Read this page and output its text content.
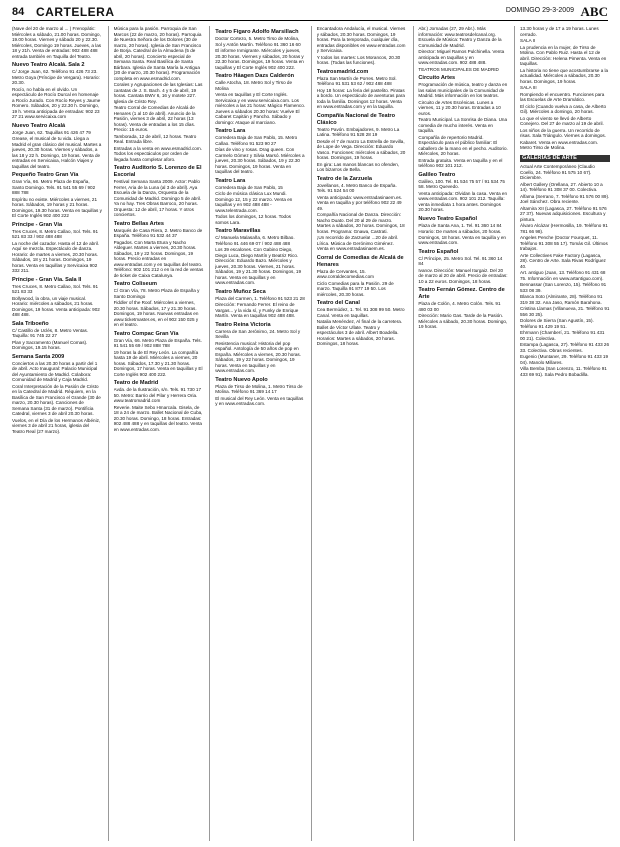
84 CARTELERA	DOMINGO 29-3-2009 ABC

(Nave del 20 de marzo al ... ) Frenopàtic: Miércoles a sábado, 21.00 horas. Domingo, 19.00 horas. Viernes y sábado 20 y 22.30. Miércoles, Domingo 19 horas. Jueves, a las 18 y 21h. Venta de entradas: 902 488 488 entrada también en Taquilla del Teatro.

Nuevo Teatro Alcalá. Sala 2

C/ Jorge Juan, 62. Teléfono 91 426 73 23. Metro Goya (Príncipe de Vergara). Horario: 20.30.

Rocío, no habla en el olvido. Un espectáculo de Rocío Durcal en homenaje a Rocío Jurado. Con Rocío Reyes y Jaume Romero. Sábados, 20 y 22.30 h. Domingo, 19 h. Venta anticipada de entradas: 902 23 27 21 www.servicaixa.com

Nuevo Teatro Alcalá

Jorge Juan, 62. Taquillas 91 426 47 79

Grease, el musical de tu vida. Llega a Madrid el gran clásico del musical. Martes a jueves, 20.30 horas. Viernes y sábados, a las 18 y 22 h. Domingo, 19 horas. Venta de entradas en Servicaixa, Halcón Viajes y taquillas del teatro.

Pequeño Teatro Gran Vía

Gran Vía, 66. Metro Plaza de España, Santo Domingo. Tels. 91 541 55 69 / 902 888 788

Espíritu no existe. Miércoles a viernes, 21 horas. Sábados, 19 horas y 21 horas. Domingos, 19.30 horas. Venta en taquillas y El Corte Inglés 902 400 222

Príncipe - Gran Vía

Tres Cruces, 8. Metro Callao, Sol. Tels. 91 521 83 33 / 902 488 488

La noche del cazador. Hasta el 12 de abril. Aquí se mezcla. Espectáculo de danza. Horario: de martes a viernes, 20.30 horas. Sábados, 18 y 21 horas. Domingos, 19 horas. Venta en taquillas y Servicaixa 902 332 211.

Príncipe - Gran Vía. Sala II

Tres Cruces, 8. Metro Callao, Sol. Tels. 91 521 83 33

Bollywood, la obra, un viaje musical. Horario: miércoles a sábados, 21 horas. Domingos, 19 horas. Venta anticipada: 902 488 488.

Sala Triboeño

C/ Castillo de Uclés, 8. Metro Ventas. Taquilla: 91 745 22 27

Plan y Sacramento (Manuel Comas). Domingos, 19.15 horas.

Semana Santa 2009

Conciertos a las 20.30 horas a partir del 1 de abril. Acto Inaugural: Palacio Municipal del Ayuntamiento de Madrid. Colabora: Comunidad de Madrid y Caja Madrid.

Coral Interpretación de la Pasión de Cristo en la Catedral de Madrid. Réquiem, en la Basílica de San Francisco el Grande (30 de marzo, 20.30 horas). Canciones de Semana Santa (31 de marzo). Pontificia Catedral, viernes 3 de abril 20.30 horas.

Vuelos, en el Día de los Hermanos Albéniz, viernes 3 de abril 21 horas, iglesia del Teatro Real (27 marzo).

Música para la pasión. Parroquia de San Marcos (22 de marzo, 20 horas). Parroquia de Nuestra Señora de los Dolores (30 de marzo, 20 horas). Iglesia de San Francisco de Borja. Catedral de la Almudena (5 de abril, 20 horas). Concierto especial de Semana Santa. Real Basílica de Santa Bárbara. Iglesia de Santa María la Antigua (20 de marzo, 20.30 horas). Programación completa en www.esmadrid.com.

Corales y Agrupaciones de las Iglesias: Las cantatas de J. S. Bach. 4 y 5 de abril, 19 horas. Cantata BWV 6, 16 y motete 227. Iglesia de Cristo Rey.

Teatro Corral de Comedias de Alcalá de Henares (1 al 10 de abril). Anuncio de la Pasión, viernes 3 de abril, 22 horas (13 horas). Venta de entradas a los 15 días. Precio: 15 euros.

Tamborada, 12 de abril, 12 horas. Teatro Real. Entrada libre.

Entradas a la venta en www.esmadrid.com. Todos los espectáculos por orden de llegada hasta completar aforo.

Teatro Auditorio S. Lorenzo de El Escorial

Festival Semana Santa 2009. Actor: Pablo Ferrer, Aria de la Luna (al 3 de abril). Aya Escuela de la Danza, Orquesta de la Comunidad de Madrid. Domingo 5 de abril. Ya no hay. Tres Obras Barroco, 20 horas. Orquesta: 12 de abril, 17 horas. Y otros conciertos.

Teatro Bellas Artes

Marqués de Casa Riera, 2. Metro Banco de España. Teléfono 91 532 44 37

Pagados. Con Marta Etura y Nacho Aldeguer. Martes a viernes, 20.30 horas. Sábados, 19 y 22 horas. Domingos, 19 horas. Precio entradas en www.entradas.com y en taquillas del teatro. Teléfono: 902 101 212 o en la red de ventas de ticket de Caixa Catalunya.

Teatro Coliseum

C/ Gran Vía, 78. Metro Plaza de España y Santo Domingo

Fiddler of the Roof. Miércoles a viernes, 20.30 horas. Sábados, 17 y 21.30 horas. Domingos, 19 horas. Nuevas entradas en www.ticketmaster.es, en el 902 150 025 y en el teatro.

Teatro Compac Gran Vía

Gran Vía, 66. Metro Plaza de España. Tels. 91 541 55 69 / 902 888 788

19 horas la de El Rey León. La compañía hasta 19 de abril. Miércoles a viernes, 20 horas. Sábados, 17.30 y 21.30 horas. Domingos, 17 horas. Venta en taquillas y El Corte Inglés 902 400 222.

Teatro de Madrid

Avda. de la Ilustración, s/n. Tels. 91 730 17 50. Metro: Barrio del Pilar y Herrera Oria. www.teatromadrid.com

Reverie. Maite Sebo Hmarcala. Gisela, de 18 a 24 de marzo. Ballet Nacional de Cuba, 20.30 horas. Domingo, 18 horas. Entradas: 902 488 488 y en taquillas del teatro. Venta en www.entradas.com.

Teatro Figaro Adolfo Marsillach

Doctor Cortezo, 5. Metro Tirso de Molina, Sol y Antón Martín. Teléfono 91 360 16 60

El informe Inmigrante. Miércoles y jueves, 20.30 horas. Viernes y sábados, 20 horas y 22.30 horas. Domingos, 19 horas. Venta en taquillas y El Corte Inglés 902 400 222.

Teatro Häagen Dazs Calderón

Calle Atocha, 18. Metro Sol y Tirso de Molina

Venta en taquillas y El Corte Inglés. Servicaixa y en www.servicaixa.com. Los miércoles a las 21 horas: Mágico Flamenco. Jueves a sábados 20.30 horas: Vuelve El Cabaret Capitán y Pancho. Sábado y domingo: Ataque al marciano.

Teatro Lara

Corredera Baja de San Pablo, 15. Metro Callao. Teléfono 91 523 90 27

Días de vino y rosas. Drag queen. Con Carmelo Gómez y Silvia Marsó. Miércoles a jueves, 20.30 horas. Sábados, 19 y 22.30 horas. Domingos, 19 horas. Venta en taquillas del teatro.

Teatro Lara

Corredera Baja de San Pablo, 15

Ciclo de música clásica Lux Mundi. Domingo 12, 15 y 22 marzo. Venta en taquillas y en 902 488 488 - www.telentrada.com.

Todos los domingos, 12 horas. Todos somos Lara.

Teatro Maravillas

C/ Manuela Malasaña, 6. Metro Bilbao. Teléfono 91 446 69 07 / 902 488 488

Los 39 escalones. Con Gabino Diego, Diego Luca, Diego Martín y Beatriz Rico. Dirección: Eduardo Bazo. Miércoles y jueves, 20.30 horas. Viernes, 21 horas. Sábados, 19 y 21.30 horas. Domingos, 19 horas. Venta en taquillas y en www.entradas.com.

Teatro Muñoz Seca

Plaza del Carmen, 1. Teléfono 91 523 21 28

Dirección: Fernando Ferrer. El reino de Vargas... y la vida sí, y Funky de Enrique Martín. Venta en taquillas 902 488 488.

Teatro Reina Victoria

Carrera de San Jerónimo, 24. Metro Sol y Sevilla

Resistencia musical: Historia del pop español. Antología de 50 años de pop en España. Miércoles a viernes, 20.30 horas. Sábados, 19 y 22 horas. Domingos, 19 horas. Venta en taquillas y en www.entradas.com.

Teatro Nuevo Apolo

Plaza de Tirso de Molina, 1. Metro Tirso de Molina. Teléfono 91 369 14 17

El musical del Rey León. Venta en taquillas y en www.entradas.com.

Encantadora Andalucía, el musical. Viernes y sábados, 20.30 horas. Domingos, 19 horas. Para la temporada, cualquier día, entradas disponibles en www.entradas.com y Servicaixa.

Y todos los martes: Los Morancos, 20.30 horas. (Todas las funciones).

Teatrosmadrid.com

Plaza San Martín de Porres. Metro Sol. Teléfono 91 531 53 62 / 902 488 488

Hoy 18 horas: La feria del pastelito. Piratas a bordo. Un espectáculo de aventuras para toda la familia. Domingos 12 horas. Venta en www.entradas.com y en la taquilla.

Compañía Nacional de Teatro Clásico

Teatro Pavón. Embajadores, 9. Metro La Latina. Teléfono 91 528 28 19

Desde el 7 de marzo La Estrella de Sevilla, de Lope de Vega. Dirección: Eduardo Vasco. Funciones: miércoles a sábados, 20 horas. Domingos, 19 horas.

En gira: Las manos blancas no ofenden, Los bizarros de Bella.

Teatro de la Zarzuela

Jovellanos, 4. Metro Banco de España. Tels. 91 524 54 00

Venta anticipada: www.entradasinaem.es. Venta en taquilla y por teléfono 902 22 49 49.

Compañía Nacional de Danza. Dirección: Nacho Duato. Del 20 al 29 de marzo. Martes a sábados, 20 horas. Domingos, 18 horas. Programa: Gnawa, Castrati.

¡Un recorrido de Zarzuela! ...20 de abril. Lírica. Música de Gerónimo Giménez. Venta en www.entradasinaem.es.

Corral de Comedias de Alcalá de Henares

Plaza de Cervantes, 15. www.corraldecomedias.com

Ciclo Comedias para la Pasión. 29 de marzo. Taquilla 91 877 19 50. Los miércoles, 20.30 horas.

Teatro del Canal

Cea Bermúdez, 1. Tel. 91 308 99 50. Metro Canal. Venta en taquillas.

Natalia Menéndez, Al final de la carretera. Ballet de Víctor Ullate. Teatro y espectáculos 3 de abril. Albert Boadella. Horarios: Martes a sábados, 20 horas. Domingos, 18 horas.

Abr.) Jornadas (27, 29 Abr.). Más información: www.teatrosdelcanal.org. Escuela de Música: Teatro y Danza de la Comunidad de Madrid.

Director: Miguel Ramos Pulchinella. Venta anticipada en taquillas y en www.entradas.com. 902 488 488.

TEATROS MUNICIPALES DE MADRID

Circuito Artes

Programación de música, teatro y danza en las salas municipales de la Comunidad de Madrid. Más información en los teatros.

Circuito de Artes Escénicas. Lunes a viernes, 11 y 20.30 horas. Entradas a 10 euros.

Teatro Municipal. La Sonrisa de Diana. Una comedia de mucho interés. Venta en taquilla.

Compañía de repertorio Madrid. Espectáculo para el público familiar: El caballero de la mano en el pecho. Auditorio. Miércoles, 20 horas.

Entrada gratuita. Venta en taquilla y en el teléfono 902 101 212.

Galileo Teatro

Galileo, 100. Tel. 91 534 75 57 / 91 534 75 58. Metro Quevedo.

Venta anticipada: Olvidan la casa. Venta en www.entradas.com. 902 101 212. Taquilla: venta inmediata 1 hora antes. Domingos 20.30 horas.

Nuevo Teatro Español

Plaza de Santa Ana, 1. Tel. 91 360 14 84

Horario: De martes a sábados, 20 horas. Domingos, 18 horas. Venta en taquilla y en www.entradas.com.

Teatro Español

C/ Príncipe, 25. Metro Sol. Tel. 91 360 14 84

Ivanov. Dirección: Manuel Iturgaiz. Del 20 de marzo al 20 de abril. Precio de entradas: 10 a 22 euros. Domingos, 18 horas.

Teatro Fernán Gómez. Centro de Arte

Plaza de Colón, 4. Metro Colón. Tels. 91 480 03 00

Dirección: Mario Gas. Tarde de la Pasión. Miércoles a sábado, 20.30 horas. Domingo, 19 horas.

13.30 horas y de 17 a 19 horas. Lunes cerrado.

SALA II

La prudencia en la mujer, de Tirso de Molina. Con Pablo Ruiz. Hasta el 12 de abril. Dirección: Helena Pimenta. Venta en taquillas.

La historia no tiene que acostumbrarse a la actualidad. Miércoles a sábados, 20.30 horas. Domingos, 19 horas.

SALA III

Rompiendo el encuentro. Funciones para las Escuelas de Arte Dramático.

El ciclo (Cuando vuelva a casa, de Alberto Gil). Miércoles a domingo, 20 horas.

Lo que el viento se llevó de Alberto Conejero. Del 27 de marzo al 19 de abril.

Los niños de la guerra. Un recorrido de risas. Sala Triángulo. Viernes a domingos.

Kabaret. Venta en www.entradas.com. Metro Tirso de Molina.

GALERÍAS DE ARTE

Actual Arte Contemporáneo (Claudio Coello, 24. Teléfono 91 575 10 67). Diciembre.

Albert Gallery (Orellana, 27. Abierto 10 a 14). Teléfono 91 308 37 00. Colectiva.

Alfama (Serrano, 7. Teléfono 91 576 00 89). Joel Sánchez. Obra reciente.

Altamira XII (Lagasca, 27. Teléfono 91 576 27 37). Nuevas adquisiciones. Escultura y pintura.

Álvaro Alcázar (Hermosilla, 19. Teléfono 91 781 66 98).

Angeles Penche (Doctor Fourquet, 11. Teléfono 91 308 55 17). Tomás Gil. Últimos trabajos.

Arte Collectives Fake Factory (Lagasca, 28). Centro de Arte. Sala Rivas Rodríguez 40.

Art. antiguo (Juan, 13. Teléfono 91 431 68 75. Información en www.artantiguo.com).

Bennassar (San Lorenzo, 15). Teléfono 91 533 08 39.

Blanca Soto (Almirante, 28). Teléfono 91 319 38 32. Ana Jaso, Ramón Barahona.

Cristina Llamas (Villanueva, 21. Teléfono 91 556 30 25).

Dolores de Sierra (San Agustín, 15). Teléfono 91 429 19 51.

Ehrmann (Chamberí, 21. Teléfono 91 431 00 21). Colectiva.

Estampa (Lagasca, 27). Teléfono 91 433 26 33. Colectiva. Obras recientes.

Eugenio (Muntaner, 29. Teléfono 91 433 19 04). Manolo Millares.

Villa Bemba (San Lorenzo, 11. Teléfono 91 433 69 91). Sala Pedro Bobadilla.
